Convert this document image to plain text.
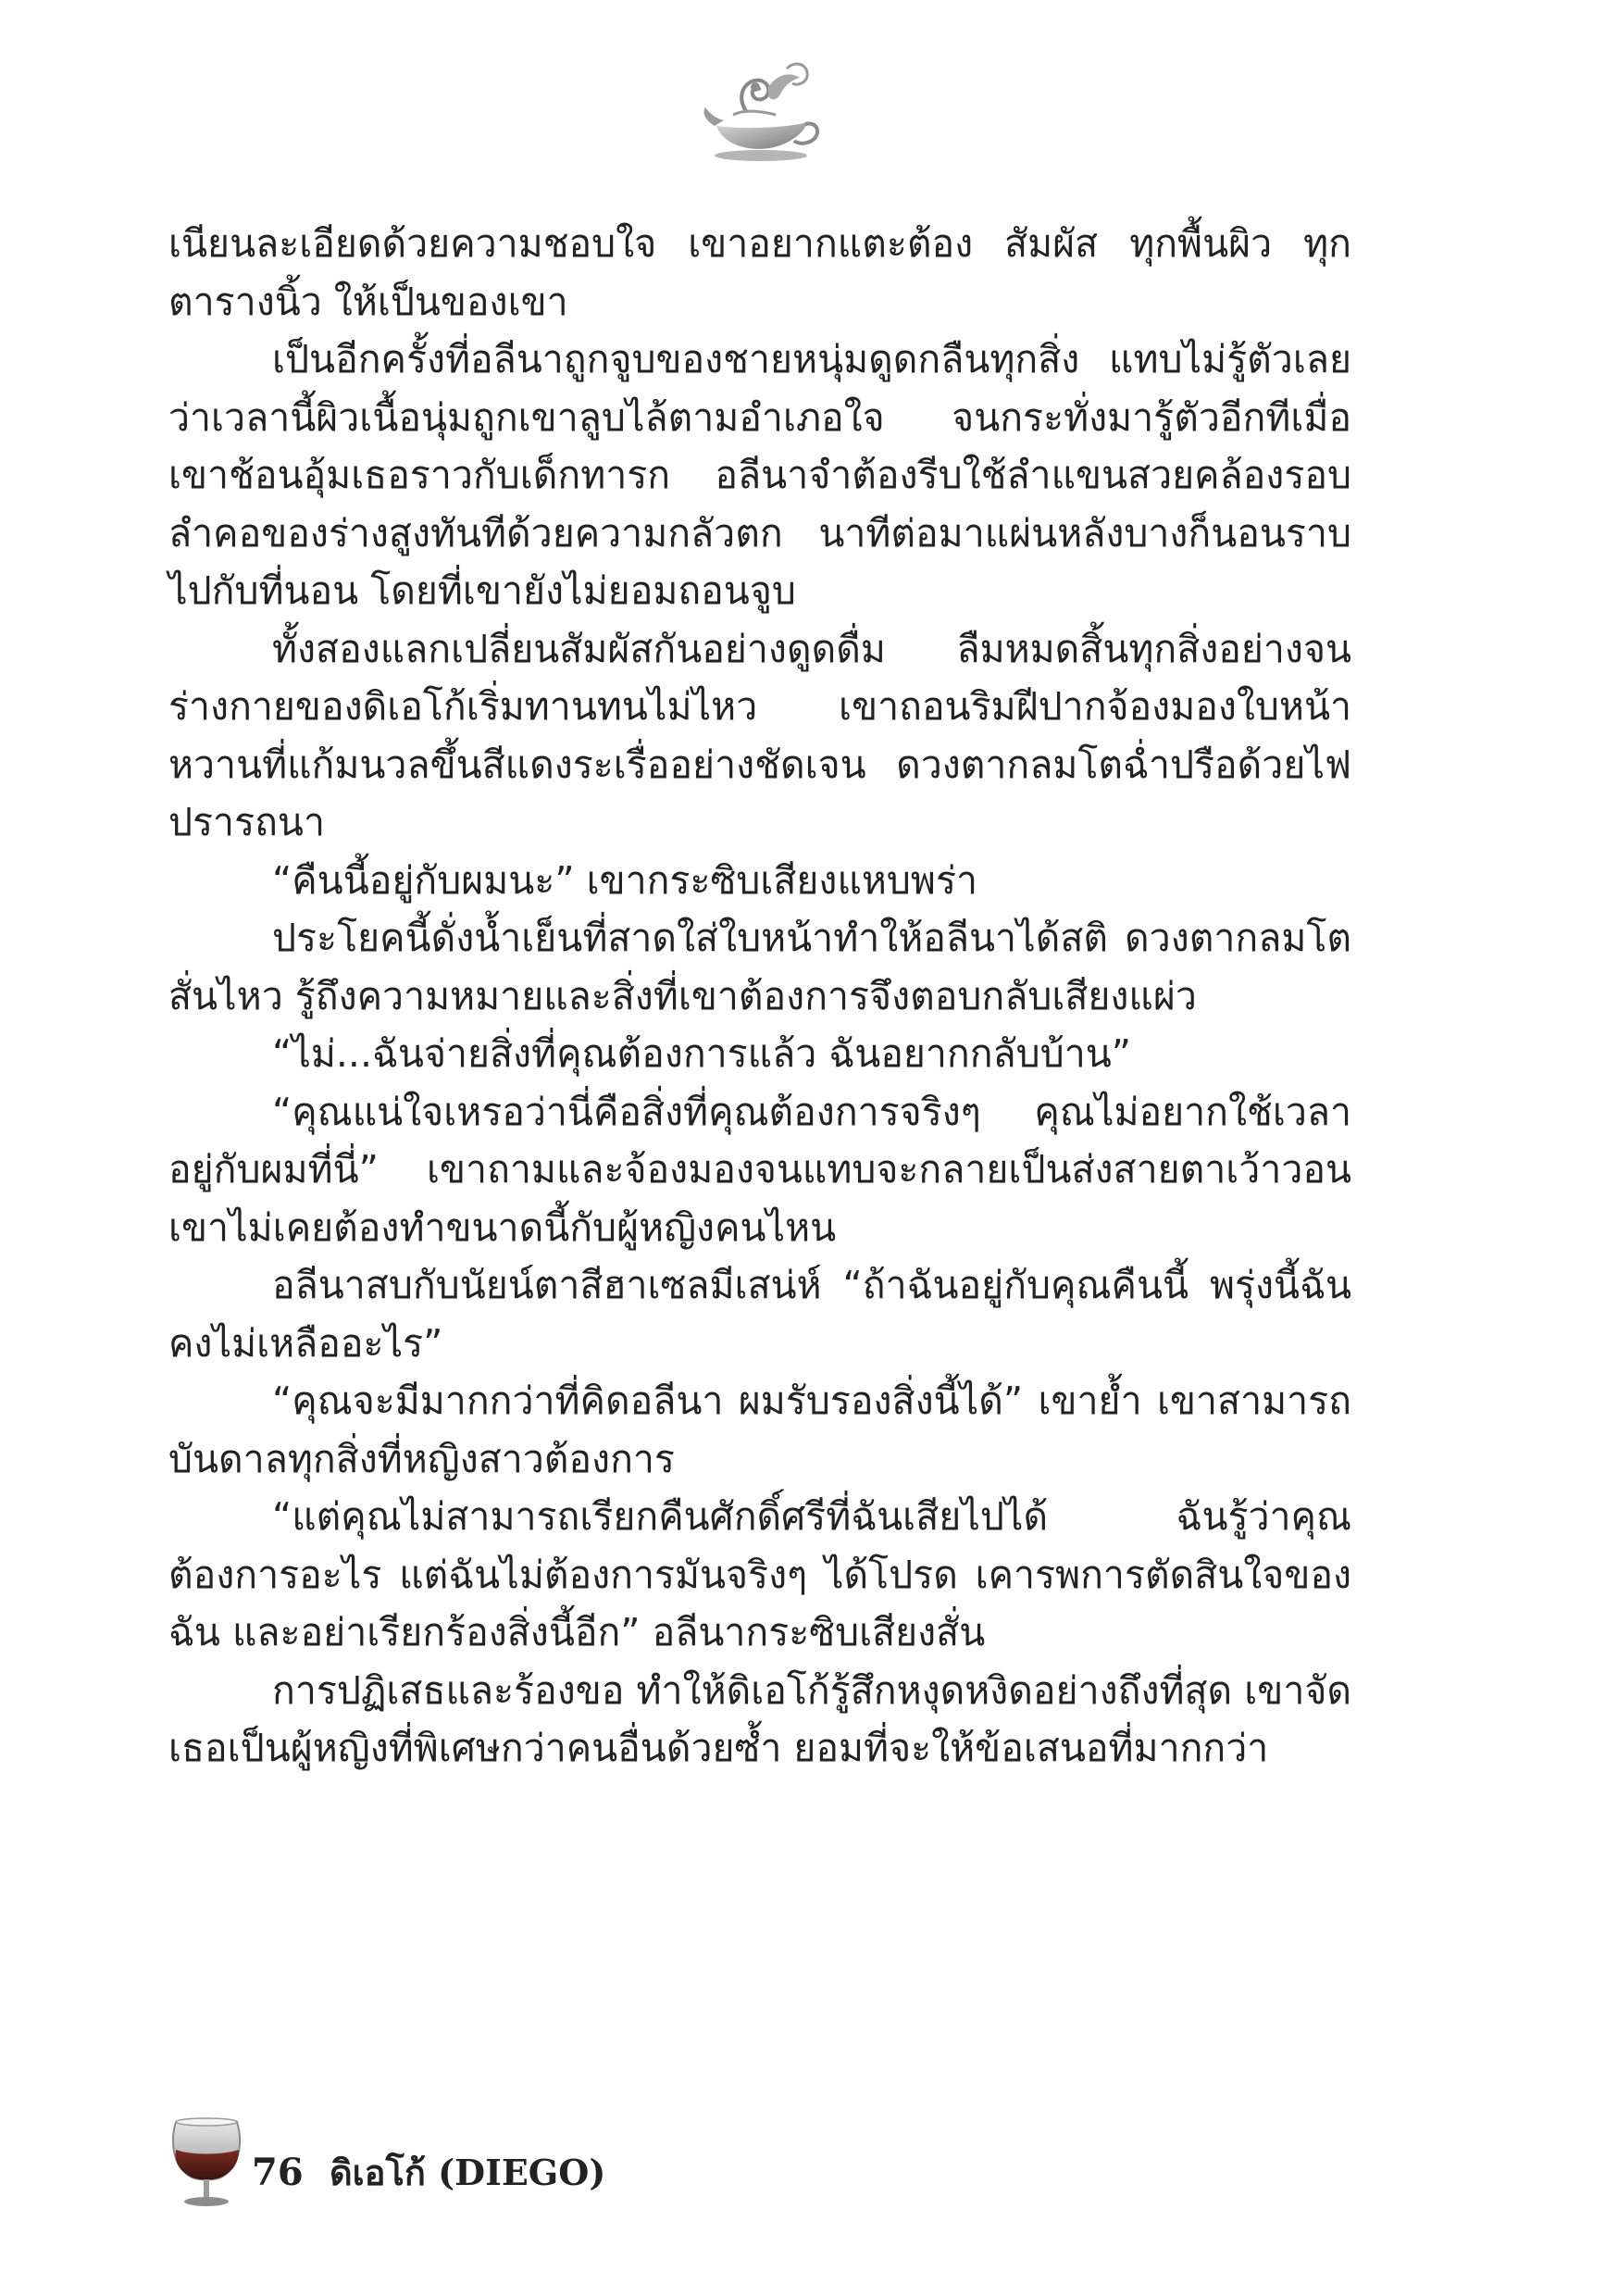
เนียนละเอียดด้วยความชอบใจ เขาอยากแตะต้อง สัมผัส ทุกพื้นผิว ทุกตารางนิ้ว ให้เป็นของเขา

เป็นอีกครั้งที่อลีนาถูกจูบของชายหนุ่มดูดกลืนทุกสิ่ง แทบไม่รู้ตัวเลยว่าเวลานี้ผิวเนื้อนุ่มถูกเขาลูบไล้ตามอำเภอใจ จนกระทั่งมารู้ตัวอีกทีเมื่อเขาช้อนอุ้มเธอราวกับเด็กทารก อลีนาจำต้องรีบใช้ลำแขนสวยคล้องรอบลำคอของร่างสูงทันทีด้วยความกลัวตก นาทีต่อมาแผ่นหลังบางก็นอนราบไปกับที่นอน โดยที่เขายังไม่ยอมถอนจูบ

ทั้งสองแลกเปลี่ยนสัมผัสกันอย่างดูดดื่ม ลืมหมดสิ้นทุกสิ่งอย่างจนร่างกายของดิเอโก้เริ่มทานทนไม่ไหว เขาถอนริมฝีปากจ้องมองใบหน้าหวานที่แก้มนวลขึ้นสีแดงระเรื่ออย่างชัดเจน ดวงตากลมโตฉ่ำปรือด้วยไฟปรารถนา

“คืนนี้อยู่กับผมนะ” เขากระซิบเสียงแหบพร่า

ประโยคนี้ดั่งน้ำเย็นที่สาดใส่ใบหน้าทำให้อลีนาได้สติ ดวงตากลมโตสั่นไหว รู้ถึงความหมายและสิ่งที่เขาต้องการจึงตอบกลับเสียงแผ่ว

“ไม่...ฉันจ่ายสิ่งที่คุณต้องการแล้ว ฉันอยากกลับบ้าน”

“คุณแน่ใจเหรอว่านี่คือสิ่งที่คุณต้องการจริงๆ คุณไม่อยากใช้เวลาอยู่กับผมที่นี่” เขาถามและจ้องมองจนแทบจะกลายเป็นส่งสายตาเว้าวอนเขาไม่เคยต้องทำขนาดนี้กับผู้หญิงคนไหน

อลีนาสบกับนัยน์ตาสีฮาเซลมีเสน่ห์ “ถ้าฉันอยู่กับคุณคืนนี้ พรุ่งนี้ฉันคงไม่เหลืออะไร”

“คุณจะมีมากกว่าที่คิดอลีนา ผมรับรองสิ่งนี้ได้” เขาย้ำ เขาสามารถบันดาลทุกสิ่งที่หญิงสาวต้องการ

“แต่คุณไม่สามารถเรียกคืนศักดิ์ศรีที่ฉันเสียไปได้ ฉันรู้ว่าคุณต้องการอะไร แต่ฉันไม่ต้องการมันจริงๆ ได้โปรด เคารพการตัดสินใจของฉัน และอย่าเรียกร้องสิ่งนี้อีก” อลีนากระซิบเสียงสั่น

การปฏิเสธและร้องขอ ทำให้ดิเอโก้รู้สึกหงุดหงิดอย่างถึงที่สุด เขาจัดเธอเป็นผู้หญิงที่พิเศษกว่าคนอื่นด้วยซ้ำ ยอมที่จะให้ข้อเสนอที่มากกว่า

76 ดิเอโก้ (DIEGO)
